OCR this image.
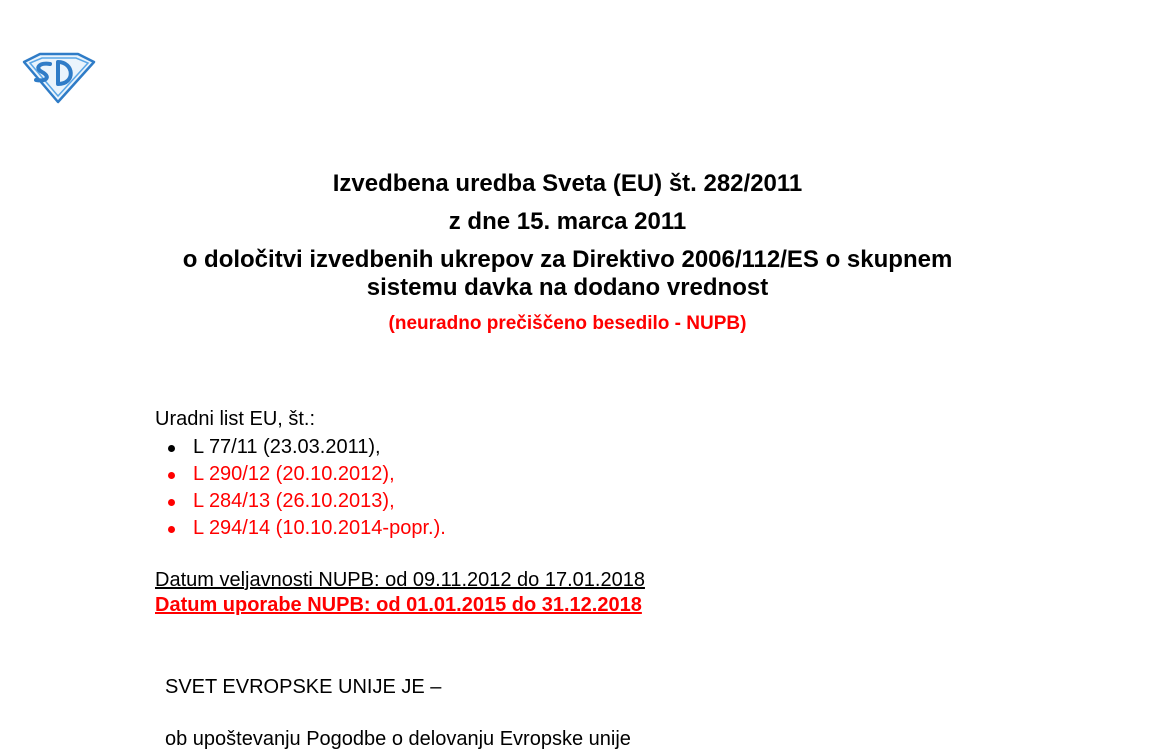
Izvedbena uredba Sveta (EU) št. 282/2011

z dne 15. marca 2011

o določitvi izvedbenih ukrepov za Direktivo 2006/112/ES o skupnem sistemu davka na dodano vrednost

(neuradno prečiščeno besedilo - NUPB)
Uradni list EU, št.:
L 77/11 (23.03.2011),
L 290/12 (20.10.2012),
L 284/13 (26.10.2013),
L 294/14 (10.10.2014-popr.).
Datum veljavnosti NUPB: od 09.11.2012 do 17.01.2018
Datum uporabe NUPB: od 01.01.2015 do 31.12.2018
SVET EVROPSKE UNIJE JE –
ob upoštevanju Pogodbe o delovanju Evropske unije
